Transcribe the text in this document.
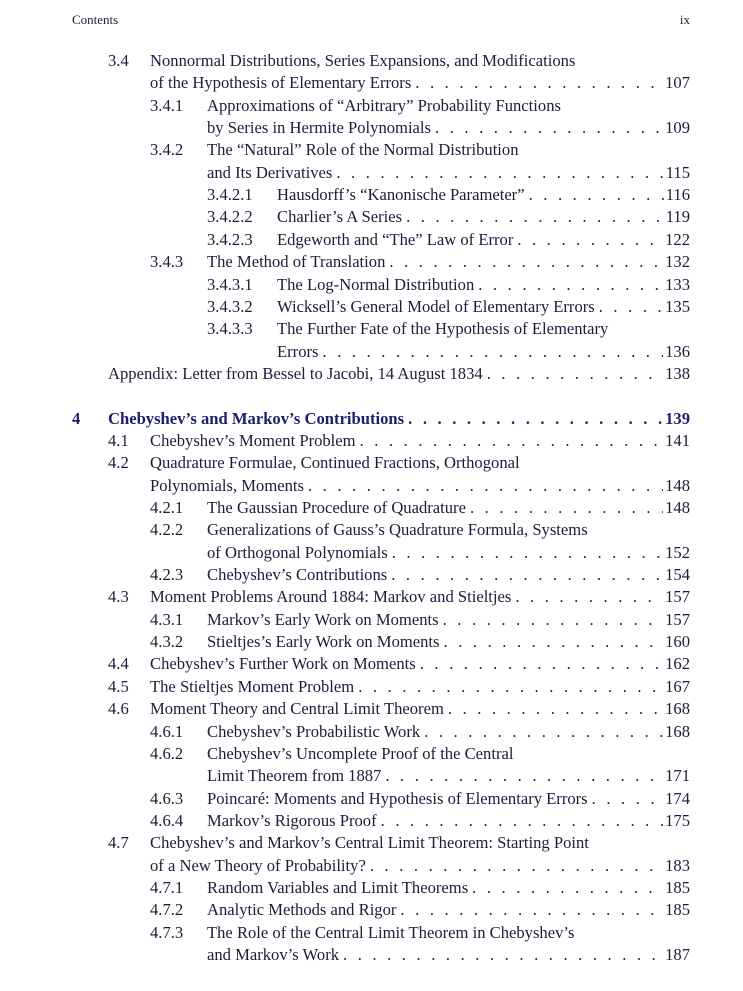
Contents	ix
3.4 Nonnormal Distributions, Series Expansions, and Modifications
of the Hypothesis of Elementary Errors . . .	107
3.4.1 Approximations of “Arbitrary” Probability Functions
by Series in Hermite Polynomials . . .	109
3.4.2 The “Natural” Role of the Normal Distribution
and Its Derivatives . . .	115
3.4.2.1 Hausdorff’s “Kanonische Parameter” . . .	116
3.4.2.2 Charlier’s A Series . . .	119
3.4.2.3 Edgeworth and “The” Law of Error . . .	122
3.4.3 The Method of Translation . . .	132
3.4.3.1 The Log-Normal Distribution . . .	133
3.4.3.2 Wicksell’s General Model of Elementary Errors . . .	135
3.4.3.3 The Further Fate of the Hypothesis of Elementary
Errors . . .	136
Appendix: Letter from Bessel to Jacobi, 14 August 1834 . . .	138
4 Chebyshev’s and Markov’s Contributions . . .	139
4.1 Chebyshev’s Moment Problem . . .	141
4.2 Quadrature Formulae, Continued Fractions, Orthogonal
Polynomials, Moments . . .	148
4.2.1 The Gaussian Procedure of Quadrature . . .	148
4.2.2 Generalizations of Gauss’s Quadrature Formula, Systems
of Orthogonal Polynomials . . .	152
4.2.3 Chebyshev’s Contributions . . .	154
4.3 Moment Problems Around 1884: Markov and Stieltjes . . .	157
4.3.1 Markov’s Early Work on Moments . . .	157
4.3.2 Stieltjes’s Early Work on Moments . . .	160
4.4 Chebyshev’s Further Work on Moments . . .	162
4.5 The Stieltjes Moment Problem . . .	167
4.6 Moment Theory and Central Limit Theorem . . .	168
4.6.1 Chebyshev’s Probabilistic Work . . .	168
4.6.2 Chebyshev’s Uncomplete Proof of the Central
Limit Theorem from 1887 . . .	171
4.6.3 Poincaré: Moments and Hypothesis of Elementary Errors . . .	174
4.6.4 Markov’s Rigorous Proof . . .	175
4.7 Chebyshev’s and Markov’s Central Limit Theorem: Starting Point
of a New Theory of Probability? . . .	183
4.7.1 Random Variables and Limit Theorems . . .	185
4.7.2 Analytic Methods and Rigor . . .	185
4.7.3 The Role of the Central Limit Theorem in Chebyshev’s
and Markov’s Work . . .	187
